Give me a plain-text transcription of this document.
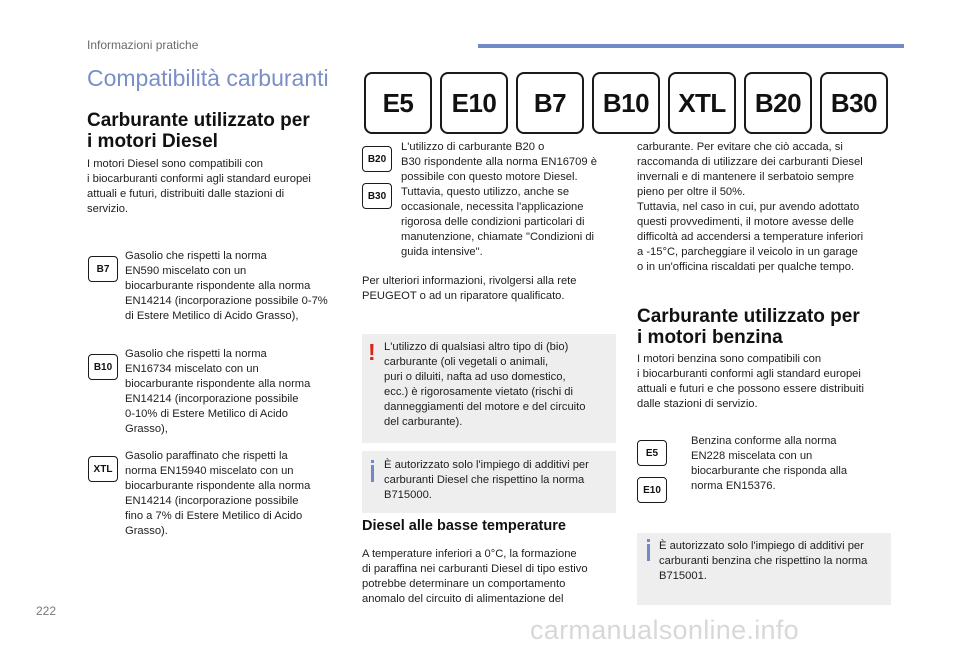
Informazioni pratiche
Compatibilità carburanti
E5	E10	B7	B10	XTL	B20	B30
Carburante utilizzato per
i motori Diesel

I motori Diesel sono compatibili con
i biocarburanti conformi agli standard europei
attuali e futuri, distribuiti dalle stazioni di
servizio.

B7

Gasolio che rispetti la norma
EN590 miscelato con un
biocarburante rispondente alla norma
EN14214 (incorporazione possibile 0-7%
di Estere Metilico di Acido Grasso),

B10

Gasolio che rispetti la norma
EN16734 miscelato con un
biocarburante rispondente alla norma
EN14214 (incorporazione possibile
0-10% di Estere Metilico di Acido
Grasso),

XTL

Gasolio paraffinato che rispetti la
norma EN15940 miscelato con un
biocarburante rispondente alla norma
EN14214 (incorporazione possibile
fino a 7% di Estere Metilico di Acido
Grasso).

B20
B30

L'utilizzo di carburante B20 o
B30 rispondente alla norma EN16709 è
possibile con questo motore Diesel.
Tuttavia, questo utilizzo, anche se
occasionale, necessita l'applicazione
rigorosa delle condizioni particolari di
manutenzione, chiamate "Condizioni di
guida intensive".

Per ulteriori informazioni, rivolgersi alla rete
PEUGEOT o ad un riparatore qualificato.

! L'utilizzo di qualsiasi altro tipo di (bio)
carburante (oli vegetali o animali,
puri o diluiti, nafta ad uso domestico,
ecc.) è rigorosamente vietato (rischi di
danneggiamenti del motore e del circuito
del carburante).

È autorizzato solo l'impiego di additivi per
carburanti Diesel che rispettino la norma
B715000.

Diesel alle basse temperature

A temperature inferiori a 0°C, la formazione
di paraffina nei carburanti Diesel di tipo estivo
potrebbe determinare un comportamento
anomalo del circuito di alimentazione del

carburante. Per evitare che ciò accada, si
raccomanda di utilizzare dei carburanti Diesel
invernali e di mantenere il serbatoio sempre
pieno per oltre il 50%.
Tuttavia, nel caso in cui, pur avendo adottato
questi provvedimenti, il motore avesse delle
difficoltà ad accendersi a temperature inferiori
a -15°C, parcheggiare il veicolo in un garage
o in un'officina riscaldati per qualche tempo.

Carburante utilizzato per
i motori benzina

I motori benzina sono compatibili con
i biocarburanti conformi agli standard europei
attuali e futuri e che possono essere distribuiti
dalle stazioni di servizio.

E5
E10

Benzina conforme alla norma
EN228 miscelata con un
biocarburante che risponda alla
norma EN15376.

È autorizzato solo l'impiego di additivi per
carburanti benzina che rispettino la norma
B715001.

222
carmanualsonline.info
